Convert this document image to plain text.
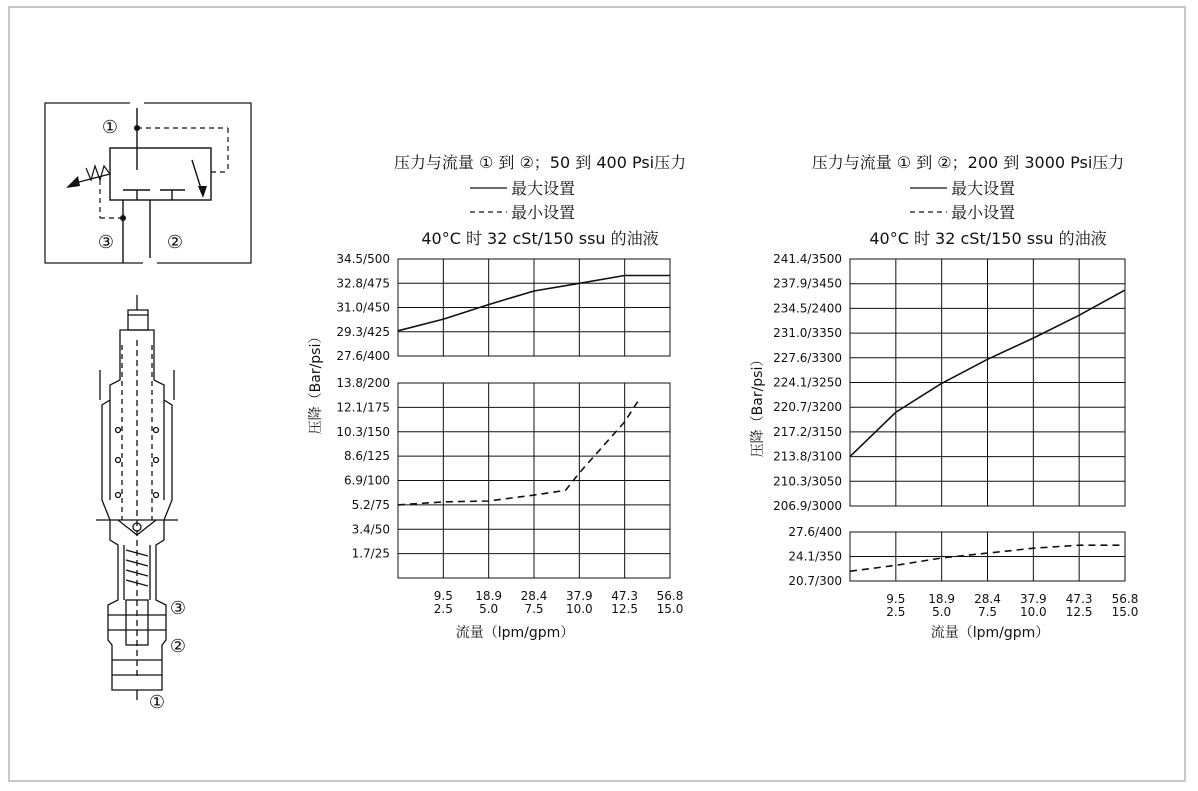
①
③	②
③
②
①
压力与流量 ① 到 ②；50 到 400 Psi压力
最大设置
最小设置
40°C 时 32 cSt/150 ssu 的油液
压降（Bar/psi）
流量（lpm/gpm）
压力与流量 ① 到 ②；200 到 3000 Psi压力
最大设置
最小设置
40°C 时 32 cSt/150 ssu 的油液
压降（Bar/psi）
流量（lpm/gpm）
34.5/500
32.8/475
31.0/450
29.3/425
27.6/400
13.8/200
12.1/175
10.3/150
8.6/125
6.9/100
5.2/75
3.4/50
1.7/25
9.5
2.5
18.9
5.0
28.4
7.5
37.9
10.0
47.3
12.5
56.8
15.0
241.4/3500
237.9/3450
234.5/2400
231.0/3350
227.6/3300
224.1/3250
220.7/3200
217.2/3150
213.8/3100
210.3/3050
206.9/3000
27.6/400
24.1/350
20.7/300
9.5
2.5
18.9
5.0
28.4
7.5
37.9
10.0
47.3
12.5
56.8
15.0
